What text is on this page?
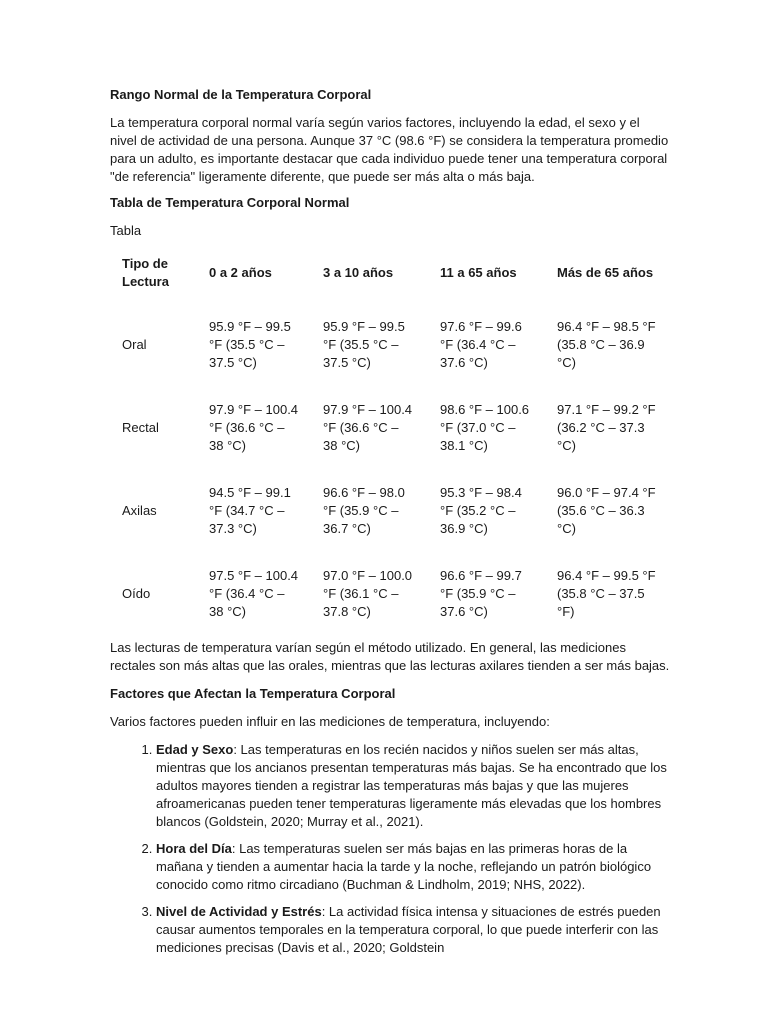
Rango Normal de la Temperatura Corporal

La temperatura corporal normal varía según varios factores, incluyendo la edad, el sexo y el nivel de actividad de una persona. Aunque 37 °C (98.6 °F) se considera la temperatura promedio para un adulto, es importante destacar que cada individuo puede tener una temperatura corporal "de referencia" ligeramente diferente, que puede ser más alta o más baja.

Tabla de Temperatura Corporal Normal

Tabla

Tipo de Lectura	0 a 2 años	3 a 10 años	11 a 65 años	Más de 65 años
Oral	95.9 °F – 99.5 °F (35.5 °C – 37.5 °C)	95.9 °F – 99.5 °F (35.5 °C – 37.5 °C)	97.6 °F – 99.6 °F (36.4 °C – 37.6 °C)	96.4 °F – 98.5 °F (35.8 °C – 36.9 °C)
Rectal	97.9 °F – 100.4 °F (36.6 °C – 38 °C)	97.9 °F – 100.4 °F (36.6 °C – 38 °C)	98.6 °F – 100.6 °F (37.0 °C – 38.1 °C)	97.1 °F – 99.2 °F (36.2 °C – 37.3 °C)
Axilas	94.5 °F – 99.1 °F (34.7 °C – 37.3 °C)	96.6 °F – 98.0 °F (35.9 °C – 36.7 °C)	95.3 °F – 98.4 °F (35.2 °C – 36.9 °C)	96.0 °F – 97.4 °F (35.6 °C – 36.3 °C)
Oído	97.5 °F – 100.4 °F (36.4 °C – 38 °C)	97.0 °F – 100.0 °F (36.1 °C – 37.8 °C)	96.6 °F – 99.7 °F (35.9 °C – 37.6 °C)	96.4 °F – 99.5 °F (35.8 °C – 37.5 °F)

Las lecturas de temperatura varían según el método utilizado. En general, las mediciones rectales son más altas que las orales, mientras que las lecturas axilares tienden a ser más bajas.

Factores que Afectan la Temperatura Corporal

Varios factores pueden influir en las mediciones de temperatura, incluyendo:

1. Edad y Sexo: Las temperaturas en los recién nacidos y niños suelen ser más altas, mientras que los ancianos presentan temperaturas más bajas. Se ha encontrado que los adultos mayores tienden a registrar las temperaturas más bajas y que las mujeres afroamericanas pueden tener temperaturas ligeramente más elevadas que los hombres blancos (Goldstein, 2020; Murray et al., 2021).
2. Hora del Día: Las temperaturas suelen ser más bajas en las primeras horas de la mañana y tienden a aumentar hacia la tarde y la noche, reflejando un patrón biológico conocido como ritmo circadiano (Buchman & Lindholm, 2019; NHS, 2022).
3. Nivel de Actividad y Estrés: La actividad física intensa y situaciones de estrés pueden causar aumentos temporales en la temperatura corporal, lo que puede interferir con las mediciones precisas (Davis et al., 2020; Goldstein
